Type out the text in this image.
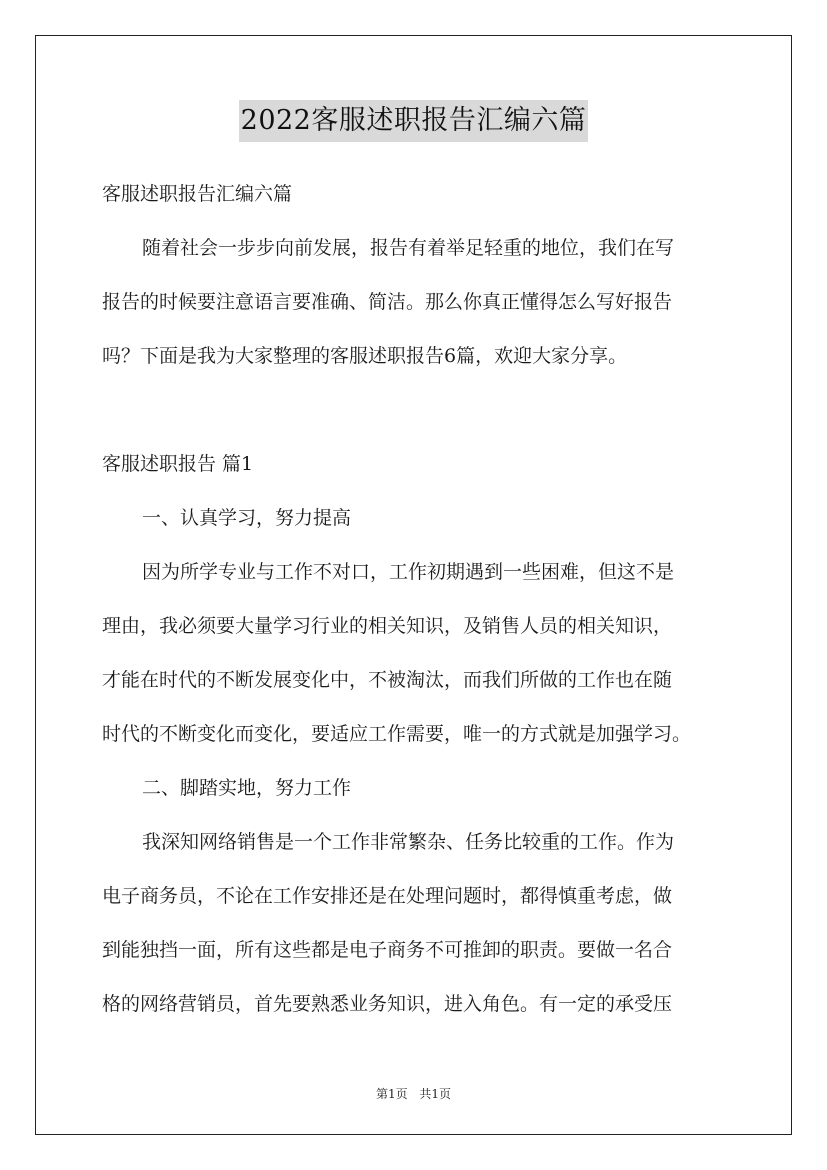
2022客服述职报告汇编六篇
客服述职报告汇编六篇
随着社会一步步向前发展，报告有着举足轻重的地位，我们在写
报告的时候要注意语言要准确、简洁。那么你真正懂得怎么写好报告
吗？下面是我为大家整理的客服述职报告6篇，欢迎大家分享。
客服述职报告 篇1
一、认真学习，努力提高
因为所学专业与工作不对口，工作初期遇到一些困难，但这不是
理由，我必须要大量学习行业的相关知识，及销售人员的相关知识，
才能在时代的不断发展变化中，不被淘汰，而我们所做的工作也在随
时代的不断变化而变化，要适应工作需要，唯一的方式就是加强学习。
二、脚踏实地，努力工作
我深知网络销售是一个工作非常繁杂、任务比较重的工作。作为
电子商务员，不论在工作安排还是在处理问题时，都得慎重考虑，做
到能独挡一面，所有这些都是电子商务不可推卸的职责。要做一名合
格的网络营销员，首先要熟悉业务知识，进入角色。有一定的承受压
第1页 共1页
